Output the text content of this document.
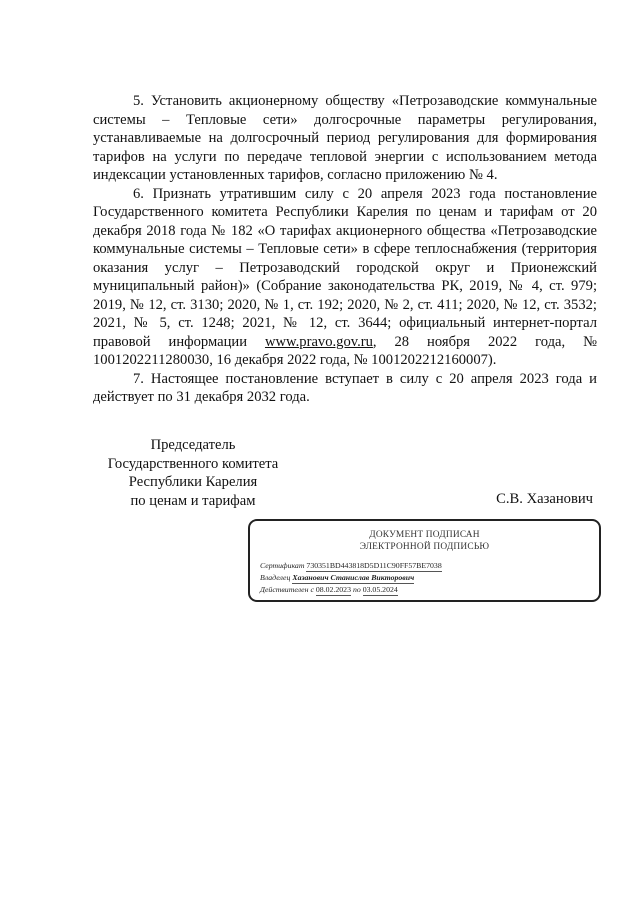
5. Установить акционерному обществу «Петрозаводские коммунальные системы – Тепловые сети» долгосрочные параметры регулирования, устанавливаемые на долгосрочный период регулирования для формирования тарифов на услуги по передаче тепловой энергии с использованием метода индексации установленных тарифов, согласно приложению № 4.

6. Признать утратившим силу с 20 апреля 2023 года постановление Государственного комитета Республики Карелия по ценам и тарифам от 20 декабря 2018 года № 182 «О тарифах акционерного общества «Петрозаводские коммунальные системы – Тепловые сети» в сфере теплоснабжения (территория оказания услуг – Петрозаводский городской округ и Прионежский муниципальный район)» (Собрание законодательства РК, 2019, № 4, ст. 979; 2019, № 12, ст. 3130; 2020, № 1, ст. 192; 2020, № 2, ст. 411; 2020, № 12, ст. 3532; 2021, № 5, ст. 1248; 2021, № 12, ст. 3644; официальный интернет-портал правовой информации www.pravo.gov.ru, 28 ноября 2022 года, № 1001202211280030, 16 декабря 2022 года, № 1001202212160007).

7. Настоящее постановление вступает в силу с 20 апреля 2023 года и действует по 31 декабря 2032 года.

Председатель
Государственного комитета
Республики Карелия
по ценам и тарифам	С.В. Хазанович
ДОКУМЕНТ ПОДПИСАН
ЭЛЕКТРОННОЙ ПОДПИСЬЮ
Сертификат 730351BD443818D5D11C90FF57BE7038
Владелец Хазанович Станислав Викторович
Действителен с 08.02.2023 по 03.05.2024
